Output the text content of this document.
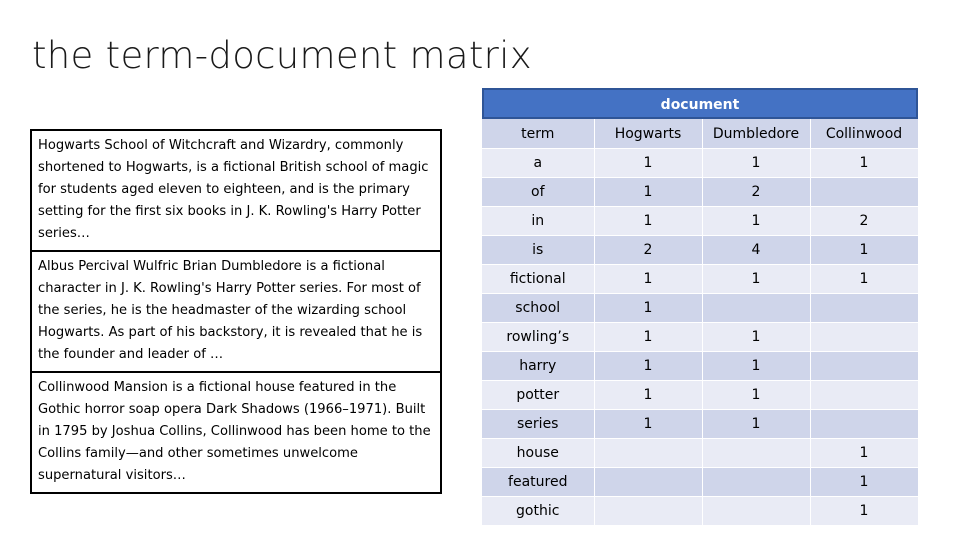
the term-document matrix
Hogwarts School of Witchcraft and Wizardry, commonly shortened to Hogwarts, is a fictional British school of magic for students aged eleven to eighteen, and is the primary setting for the first six books in J. K. Rowling's Harry Potter series…
Albus Percival Wulfric Brian Dumbledore is a fictional character in J. K. Rowling's Harry Potter series. For most of the series, he is the headmaster of the wizarding school Hogwarts. As part of his backstory, it is revealed that he is the founder and leader of …
Collinwood Mansion is a fictional house featured in the Gothic horror soap opera Dark Shadows (1966–1971). Built in 1795 by Joshua Collins, Collinwood has been home to the Collins family—and other sometimes unwelcome supernatural visitors…
document
term	Hogwarts	Dumbledore	Collinwood
a	1	1	1
of	1	2	
in	1	1	2
is	2	4	1
fictional	1	1	1
school	1		
rowling’s	1	1	
harry	1	1	
potter	1	1	
series	1	1	
house			1
featured			1
gothic			1
